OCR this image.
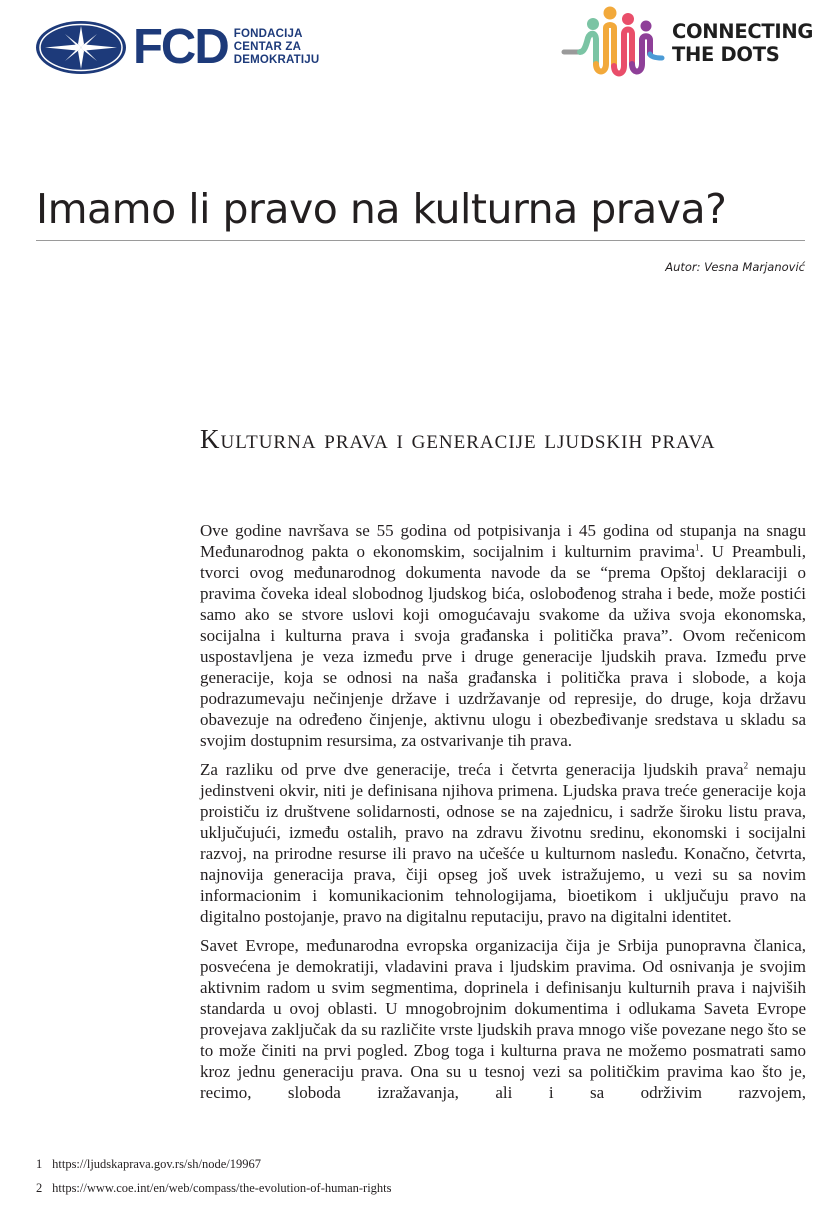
FCD FONDACIJA
CENTAR ZA
DEMOKRATIJU
CONNECTING
THE DOTS
Imamo li pravo na kulturna prava?
Autor: Vesna Marjanović
Kulturna prava i generacije ljudskih prava

Ove godine navršava se 55 godina od potpisivanja i 45 godina od stupanja na snagu Međunarodnog pakta o ekonomskim, socijalnim i kulturnim pravima$^1$. U Preambuli, tvorci ovog međunarodnog dokumenta navode da se “prema Opštoj deklaraciji o pravima čoveka ideal slobodnog ljudskog bića, oslobođenog straha i bede, može postići samo ako se stvore uslovi koji omogućavaju svakome da uživa svoja ekonomska, socijalna i kulturna prava i svoja građanska i politička prava”. Ovom rečenicom uspostavljena je veza između prve i druge generacije ljudskih prava. Između prve generacije, koja se odnosi na naša građanska i politička prava i slobode, a koja podrazumevaju nečinjenje države i uzdržavanje od represije, do druge, koja državu obavezuje na određeno činjenje, aktivnu ulogu i obezbeđivanje sredstava u skladu sa svojim dostupnim resursima, za ostvarivanje tih prava.

Za razliku od prve dve generacije, treća i četvrta generacija ljudskih prava$^2$ nemaju jedinstveni okvir, niti je definisana njihova primena. Ljudska prava treće generacije koja proističu iz društvene solidarnosti, odnose se na zajednicu, i sadrže široku listu prava, uključujući, između ostalih, pravo na zdravu životnu sredinu, ekonomski i socijalni razvoj, na prirodne resurse ili pravo na učešće u kulturnom nasleđu. Konačno, četvrta, najnovija generacija prava, čiji opseg još uvek istražujemo, u vezi su sa novim informacionim i komunikacionim tehnologijama, bioetikom i uključuju pravo na digitalno postojanje, pravo na digitalnu reputaciju, pravo na digitalni identitet.

Savet Evrope, međunarodna evropska organizacija čija je Srbija punopravna članica, posvećena je demokratiji, vladavini prava i ljudskim pravima. Od osnivanja je svojim aktivnim radom u svim segmentima, doprinela i definisanju kulturnih prava i najviših standarda u ovoj oblasti. U mnogobrojnim dokumentima i odlukama Saveta Evrope provejava zaključak da su različite vrste ljudskih prava mnogo više povezane nego što se to može činiti na prvi pogled. Zbog toga i kulturna prava ne možemo posmatrati samo kroz jednu generaciju prava. Ona su u tesnoj vezi sa političkim pravima kao što je, recimo, sloboda izražavanja, ali i sa održivim razvojem,

1 https://ljudskaprava.gov.rs/sh/node/19967
2 https://www.coe.int/en/web/compass/the-evolution-of-human-rights
